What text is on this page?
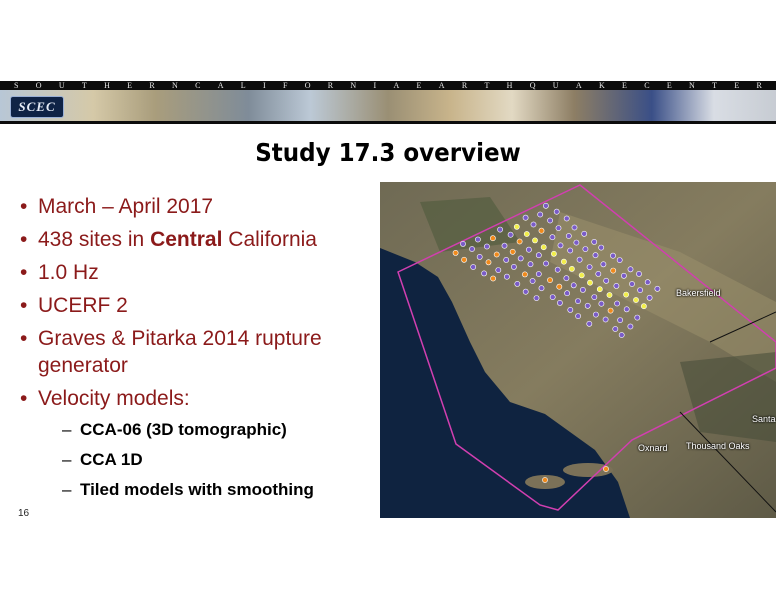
S O U T H E R N C A L I F O R N I A E A R T H Q U A K E C E N T E R
SCEC
Study 17.3 overview
• March – April 2017
• 438 sites in Central California
• 1.0 Hz
• UCERF 2
• Graves & Pitarka 2014 rupture
generator
• Velocity models:
– CCA-06 (3D tomographic)
– CCA 1D
– Tiled models with smoothing
16
Bakersfield
Oxnard Thousand Oaks
Santa
